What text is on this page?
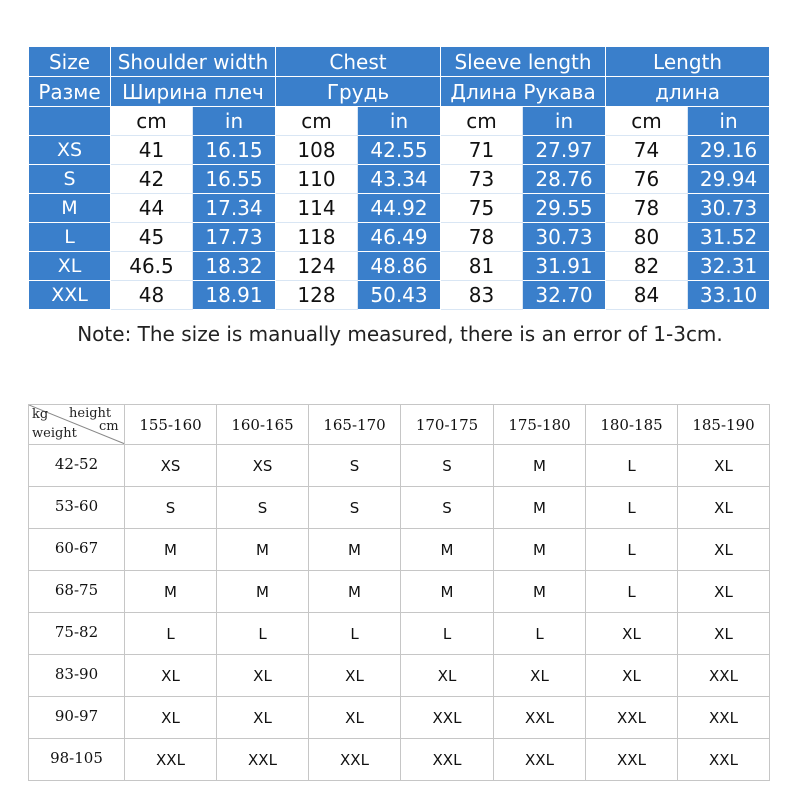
Size	Shoulder width		Chest		Sleeve length		Length	
Разме	Ширина плеч		Грудь		Длина Рукава		длина	
	cm	in	cm	in	cm	in	cm	in
XS	41	16.15	108	42.55	71	27.97	74	29.16
S	42	16.55	110	43.34	73	28.76	76	29.94
M	44	17.34	114	44.92	75	29.55	78	30.73
L	45	17.73	118	46.49	78	30.73	80	31.52
XL	46.5	18.32	124	48.86	81	31.91	82	32.31
XXL	48	18.91	128	50.43	83	32.70	84	33.10
Note: The size is manually measured, there is an error of 1-3cm.
kg height
cm
weight	155-160	160-165	165-170	170-175	175-180	180-185	185-190
42-52	XS	XS	S	S	M	L	XL
53-60	S	S	S	S	M	L	XL
60-67	M	M	M	M	M	L	XL
68-75	M	M	M	M	M	L	XL
75-82	L	L	L	L	L	XL	XL
83-90	XL	XL	XL	XL	XL	XL	XXL
90-97	XL	XL	XL	XXL	XXL	XXL	XXL
98-105	XXL	XXL	XXL	XXL	XXL	XXL	XXL
